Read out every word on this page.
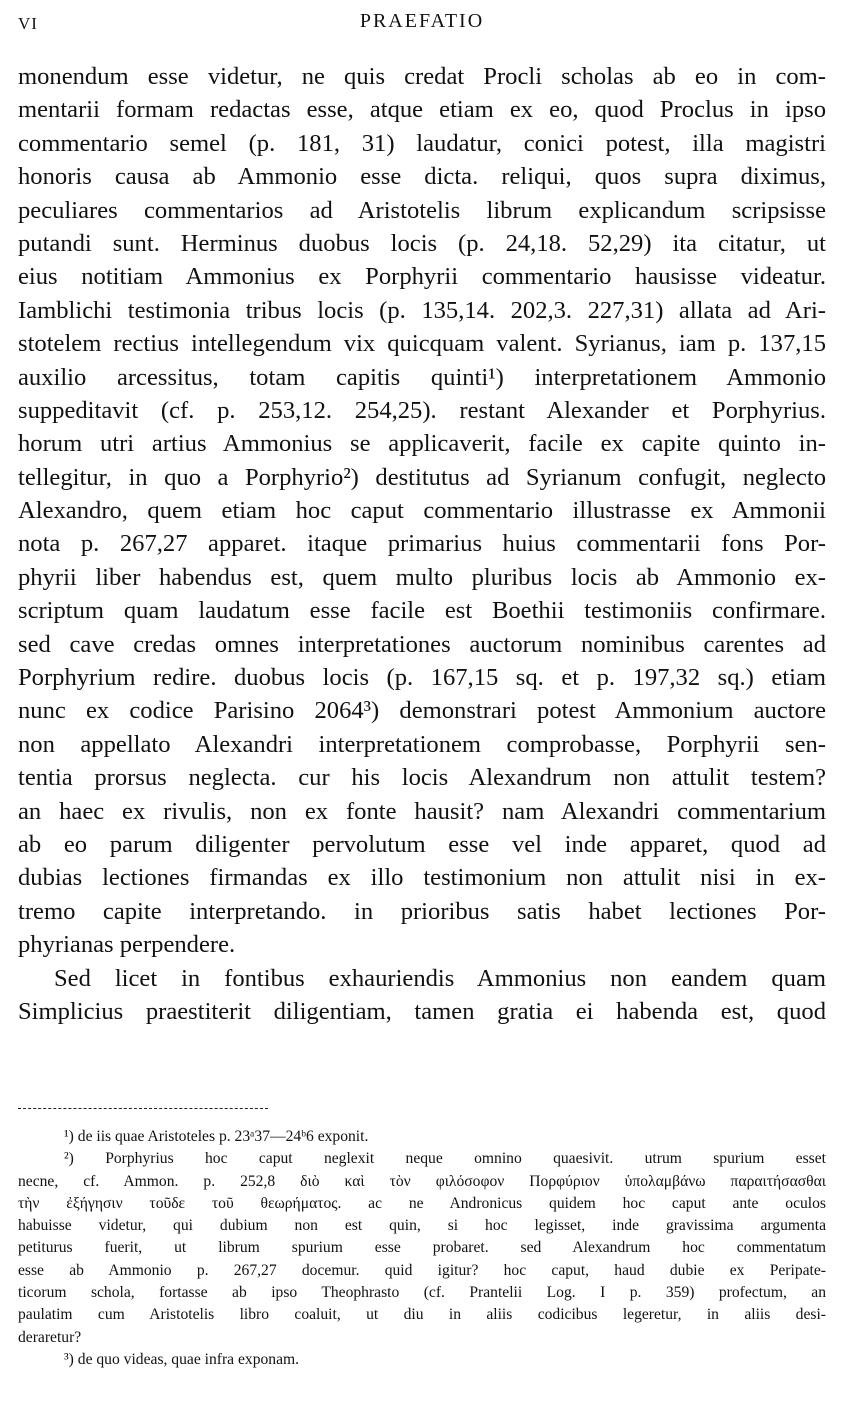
VI	PRAEFATIO
monendum esse videtur, ne quis credat Procli scholas ab eo in com-
mentarii formam redactas esse, atque etiam ex eo, quod Proclus in ipso
commentario semel (p. 181, 31) laudatur, conici potest, illa magistri
honoris causa ab Ammonio esse dicta. reliqui, quos supra diximus,
peculiares commentarios ad Aristotelis librum explicandum scripsisse
putandi sunt. Herminus duobus locis (p. 24,18. 52,29) ita citatur, ut
eius notitiam Ammonius ex Porphyrii commentario hausisse videatur.
Iamblichi testimonia tribus locis (p. 135,14. 202,3. 227,31) allata ad Ari-
stotelem rectius intellegendum vix quicquam valent. Syrianus, iam p. 137,15
auxilio arcessitus, totam capitis quinti¹) interpretationem Ammonio
suppeditavit (cf. p. 253,12. 254,25). restant Alexander et Porphyrius.
horum utri artius Ammonius se applicaverit, facile ex capite quinto in-
tellegitur, in quo a Porphyrio²) destitutus ad Syrianum confugit, neglecto
Alexandro, quem etiam hoc caput commentario illustrasse ex Ammonii
nota p. 267,27 apparet. itaque primarius huius commentarii fons Por-
phyrii liber habendus est, quem multo pluribus locis ab Ammonio ex-
scriptum quam laudatum esse facile est Boethii testimoniis confirmare.
sed cave credas omnes interpretationes auctorum nominibus carentes ad
Porphyrium redire. duobus locis (p. 167,15 sq. et p. 197,32 sq.) etiam
nunc ex codice Parisino 2064³) demonstrari potest Ammonium auctore
non appellato Alexandri interpretationem comprobasse, Porphyrii sen-
tentia prorsus neglecta. cur his locis Alexandrum non attulit testem?
an haec ex rivulis, non ex fonte hausit? nam Alexandri commentarium
ab eo parum diligenter pervolutum esse vel inde apparet, quod ad
dubias lectiones firmandas ex illo testimonium non attulit nisi in ex-
tremo capite interpretando. in prioribus satis habet lectiones Por-
phyrianas perpendere.
Sed licet in fontibus exhauriendis Ammonius non eandem quam
Simplicius praestiterit diligentiam, tamen gratia ei habenda est, quod
¹) de iis quae Aristoteles p. 23ᵃ37—24ᵇ6 exponit.
²) Porphyrius hoc caput neglexit neque omnino quaesivit. utrum spurium esset
necne, cf. Ammon. p. 252,8 διὸ καὶ τὸν φιλόσοφον Πορφύριον ὑπολαμβάνω παραιτήσασθαι
τὴν ἐξήγησιν τοῦδε τοῦ θεωρήματος. ac ne Andronicus quidem hoc caput ante oculos
habuisse videtur, qui dubium non est quin, si hoc legisset, inde gravissima argumenta
petiturus fuerit, ut librum spurium esse probaret. sed Alexandrum hoc commentatum
esse ab Ammonio p. 267,27 docemur. quid igitur? hoc caput, haud dubie ex Peripate-
ticorum schola, fortasse ab ipso Theophrasto (cf. Prantelii Log. I p. 359) profectum, an
paulatim cum Aristotelis libro coaluit, ut diu in aliis codicibus legeretur, in aliis desi-
deraretur?
³) de quo videas, quae infra exponam.
